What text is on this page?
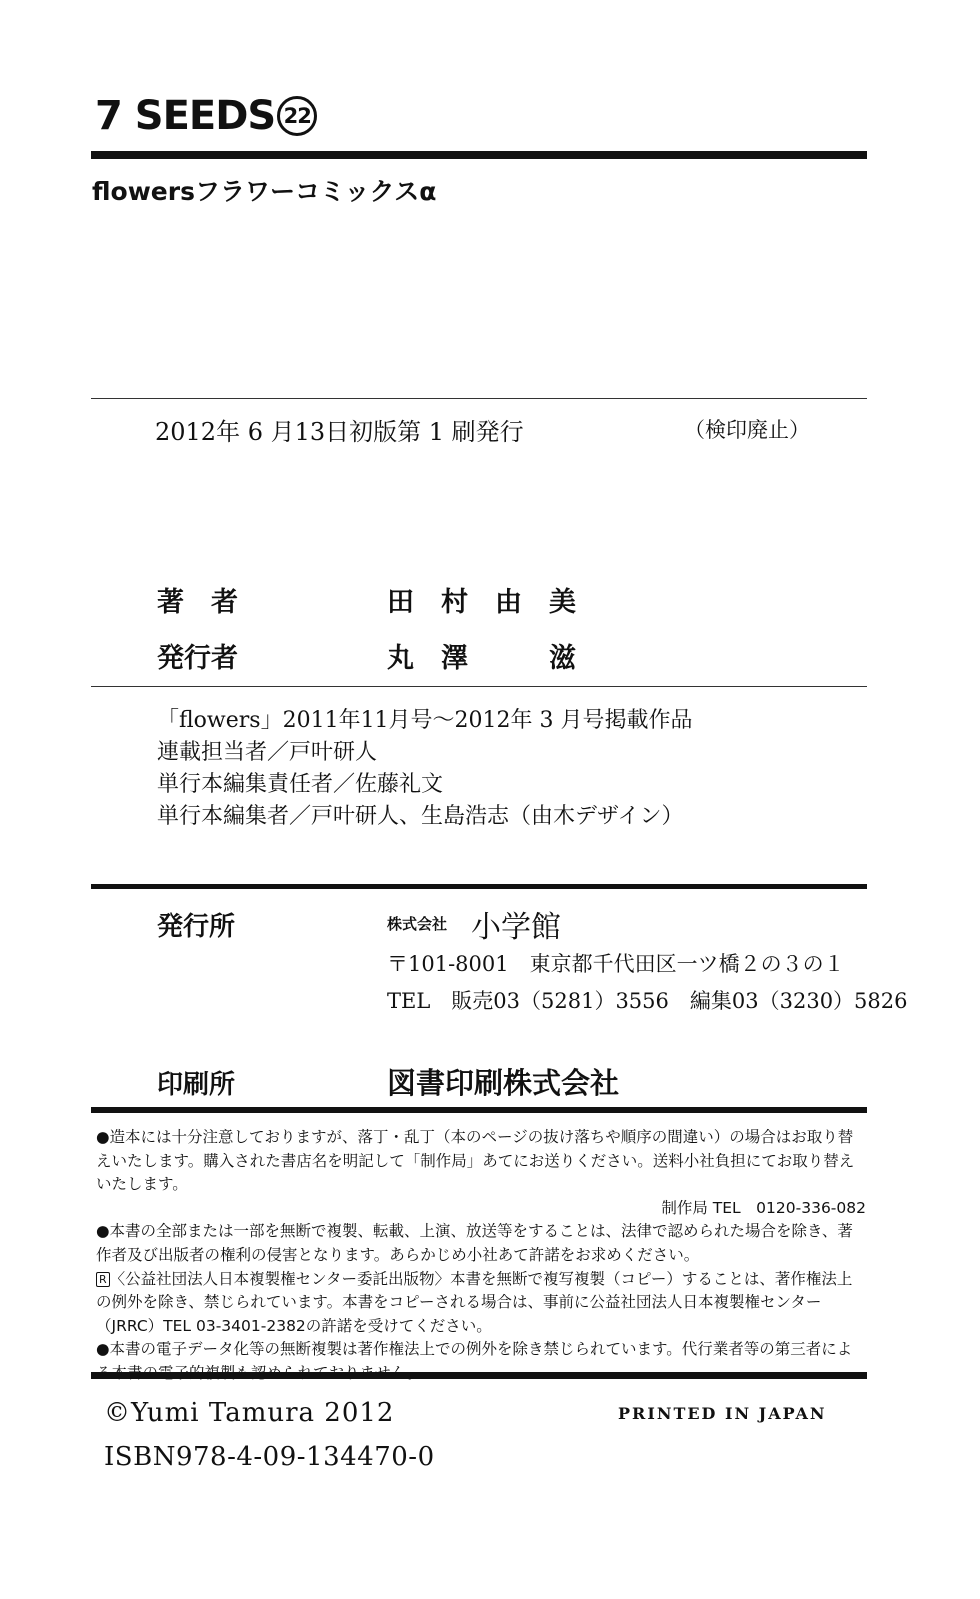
7 SEEDS 22
flowersフラワーコミックスα
2012年 6 月13日初版第 1 刷発行	（検印廃止）
著　者	田　村　由　美
発行者	丸　澤　　　滋
「flowers」2011年11月号～2012年 3 月号掲載作品
連載担当者／戸叶研人
単行本編集責任者／佐藤礼文
単行本編集者／戸叶研人、生島浩志（由木デザイン）
発行所	株式会社 小学館
〒101-8001　東京都千代田区一ツ橋２の３の１
TEL　販売03（5281）3556　編集03（3230）5826
印刷所	図書印刷株式会社

●造本には十分注意しておりますが、落丁・乱丁（本のページの抜け落ちや順序の間違い）の場合はお取り替えいたします。購入された書店名を明記して「制作局」あてにお送りください。送料小社負担にてお取り替えいたします。

制作局 TEL　0120-336-082

●本書の全部または一部を無断で複製、転載、上演、放送等をすることは、法律で認められた場合を除き、著作者及び出版者の権利の侵害となります。あらかじめ小社あて許諾をお求めください。

R 〈公益社団法人日本複製権センター委託出版物〉本書を無断で複写複製（コピー）することは、著作権法上の例外を除き、禁じられています。本書をコピーされる場合は、事前に公益社団法人日本複製権センター（JRRC）TEL 03-3401-2382の許諾を受けてください。

●本書の電子データ化等の無断複製は著作権法上での例外を除き禁じられています。代行業者等の第三者によ

©Yumi Tamura 2012	PRINTED IN JAPAN
ISBN978-4-09-134470-0
